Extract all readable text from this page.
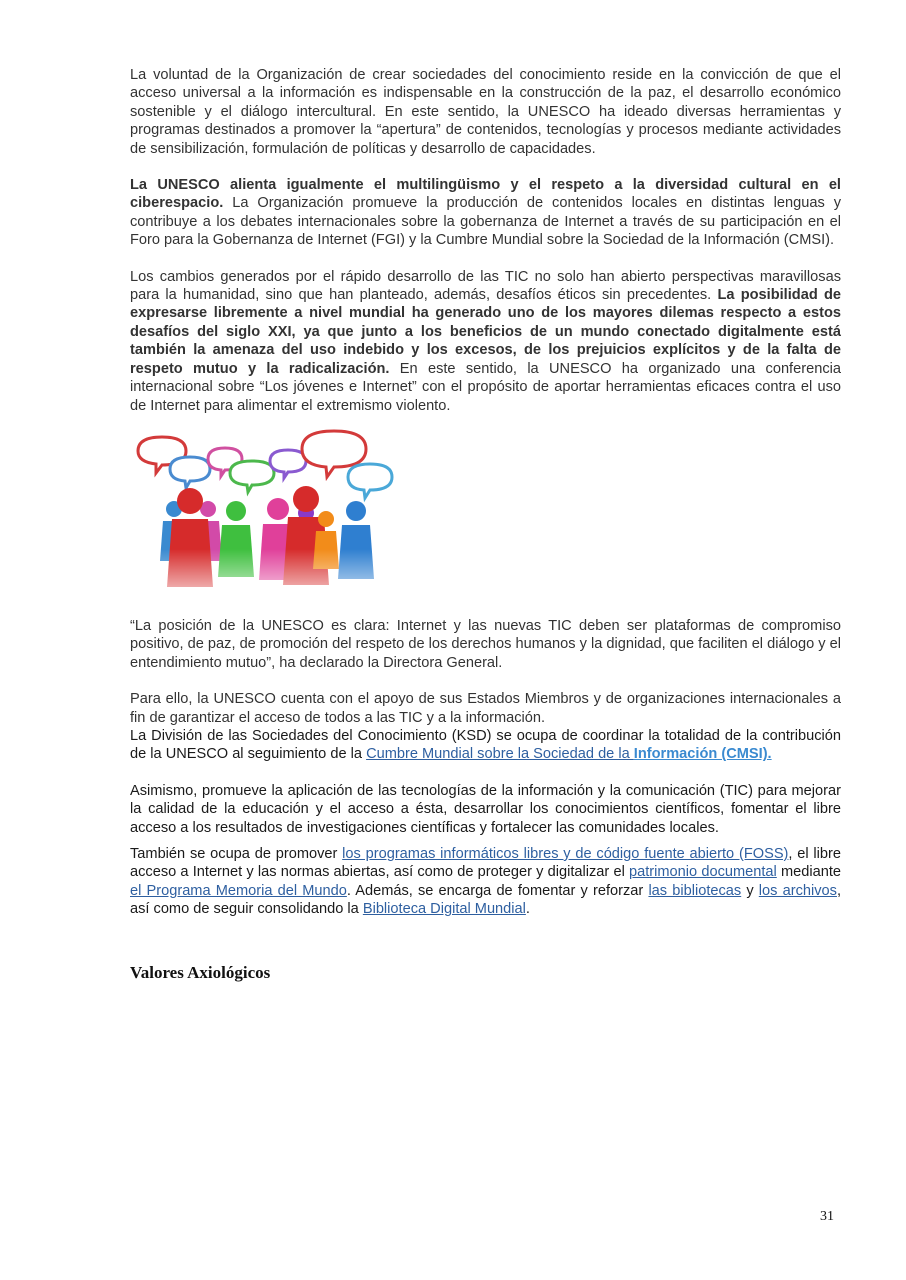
La voluntad de la Organización de crear sociedades del conocimiento reside en la convicción de que el acceso universal a la información es indispensable en la construcción de la paz, el desarrollo económico sostenible y el diálogo intercultural. En este sentido, la UNESCO ha ideado diversas herramientas y programas destinados a promover la “apertura” de contenidos, tecnologías y procesos mediante actividades de sensibilización, formulación de políticas y desarrollo de capacidades.

La UNESCO alienta igualmente el multilingüismo y el respeto a la diversidad cultural en el ciberespacio. La Organización promueve la producción de contenidos locales en distintas lenguas y contribuye a los debates internacionales sobre la gobernanza de Internet a través de su participación en el Foro para la Gobernanza de Internet (FGI) y la Cumbre Mundial sobre la Sociedad de la Información (CMSI).

Los cambios generados por el rápido desarrollo de las TIC no solo han abierto perspectivas maravillosas para la humanidad, sino que han planteado, además, desafíos éticos sin precedentes. La posibilidad de expresarse libremente a nivel mundial ha generado uno de los mayores dilemas respecto a estos desafíos del siglo XXI, ya que junto a los beneficios de un mundo conectado digitalmente está también la amenaza del uso indebido y los excesos, de los prejuicios explícitos y de la falta de respeto mutuo y la radicalización. En este sentido, la UNESCO ha organizado una conferencia internacional sobre “Los jóvenes e Internet” con el propósito de aportar herramientas eficaces contra el uso de Internet para alimentar el extremismo violento.

“La posición de la UNESCO es clara: Internet y las nuevas TIC deben ser plataformas de compromiso positivo, de paz, de promoción del respeto de los derechos humanos y la dignidad, que faciliten el diálogo y el entendimiento mutuo”, ha declarado la Directora General.

Para ello, la UNESCO cuenta con el apoyo de sus Estados Miembros y de organizaciones internacionales a fin de garantizar el acceso de todos a las TIC y a la información.

La División de las Sociedades del Conocimiento (KSD) se ocupa de coordinar la totalidad de la contribución de la UNESCO al seguimiento de la Cumbre Mundial sobre la Sociedad de la Información (CMSI).

Asimismo, promueve la aplicación de las tecnologías de la información y la comunicación (TIC) para mejorar la calidad de la educación y el acceso a ésta, desarrollar los conocimientos científicos, fomentar el libre acceso a los resultados de investigaciones científicas y fortalecer las comunidades locales.

También se ocupa de promover los programas informáticos libres y de código fuente abierto (FOSS), el libre acceso a Internet y las normas abiertas, así como de proteger y digitalizar el patrimonio documental mediante el Programa Memoria del Mundo. Además, se encarga de fomentar y reforzar las bibliotecas y los archivos, así como de seguir consolidando la Biblioteca Digital Mundial.

Valores Axiológicos
31
